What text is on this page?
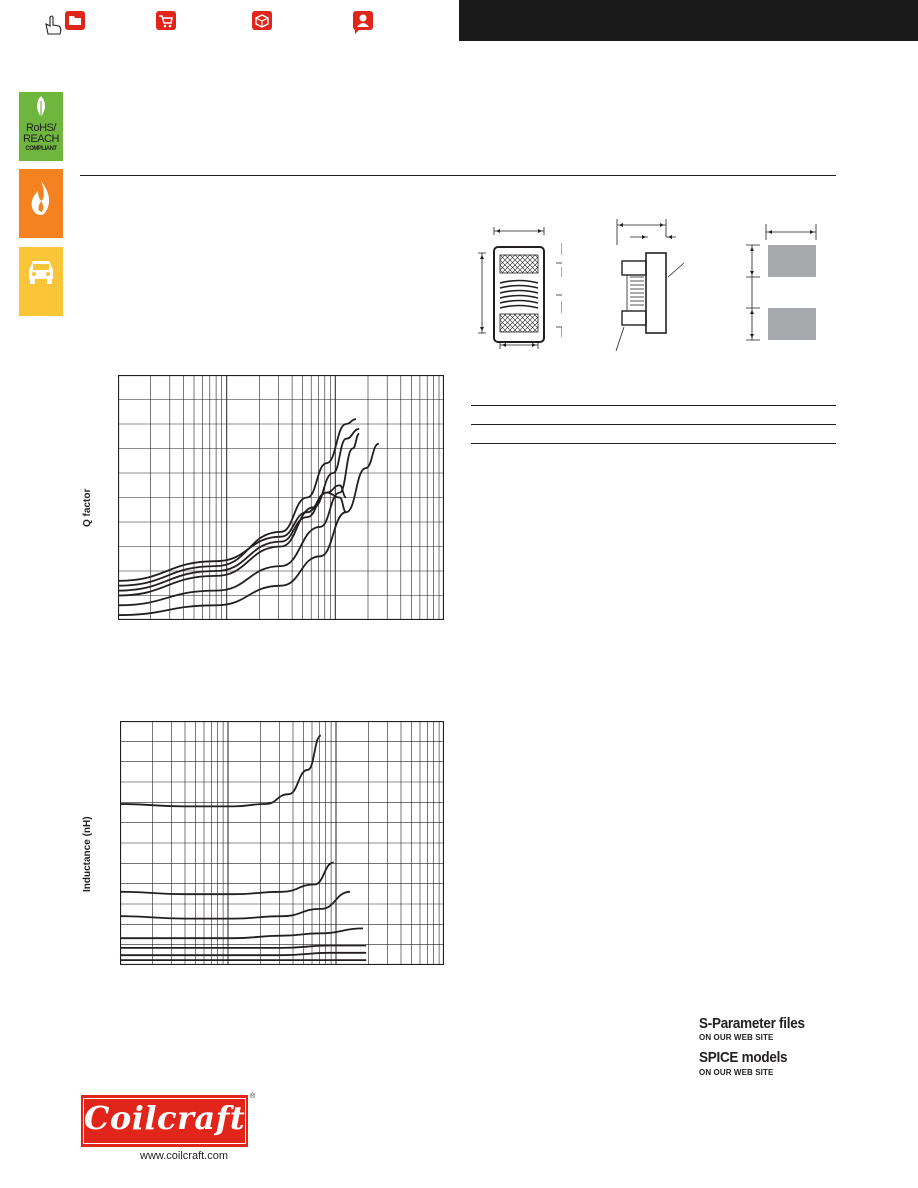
RoHS/
REACH
COMPLIANT
Q factor
Inductance (nH)
S-Parameter files
ON OUR WEB SITE
SPICE models
ON OUR WEB SITE
Coilcraft
®
www.coilcraft.com
